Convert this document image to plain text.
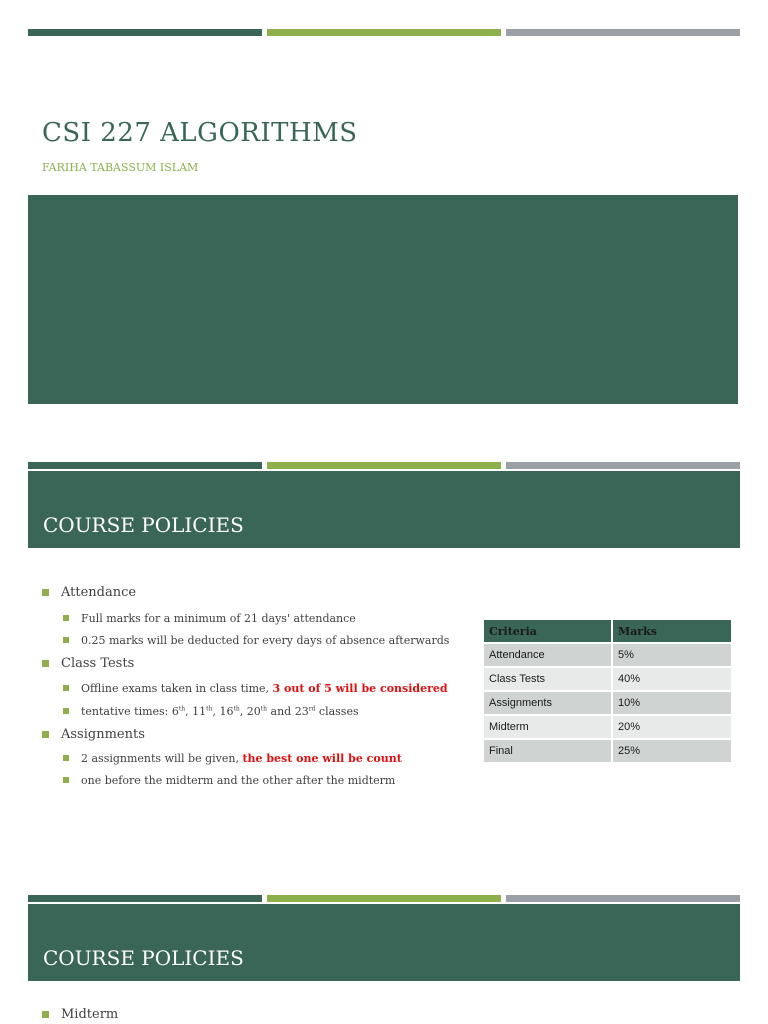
CSI 227 ALGORITHMS
FARIHA TABASSUM ISLAM
COURSE POLICIES
Attendance
Full marks for a minimum of 21 days' attendance
0.25 marks will be deducted for every days of absence afterwards
Class Tests
Offline exams taken in class time, 3 out of 5 will be considered
tentative times: 6th, 11th, 16th, 20th and 23rd classes
Assignments
2 assignments will be given, the best one will be count
one before the midterm and the other after the midterm
Criteria	Marks
Attendance	5%
Class Tests	40%
Assignments	10%
Midterm	20%
Final	25%
COURSE POLICIES
Midterm
